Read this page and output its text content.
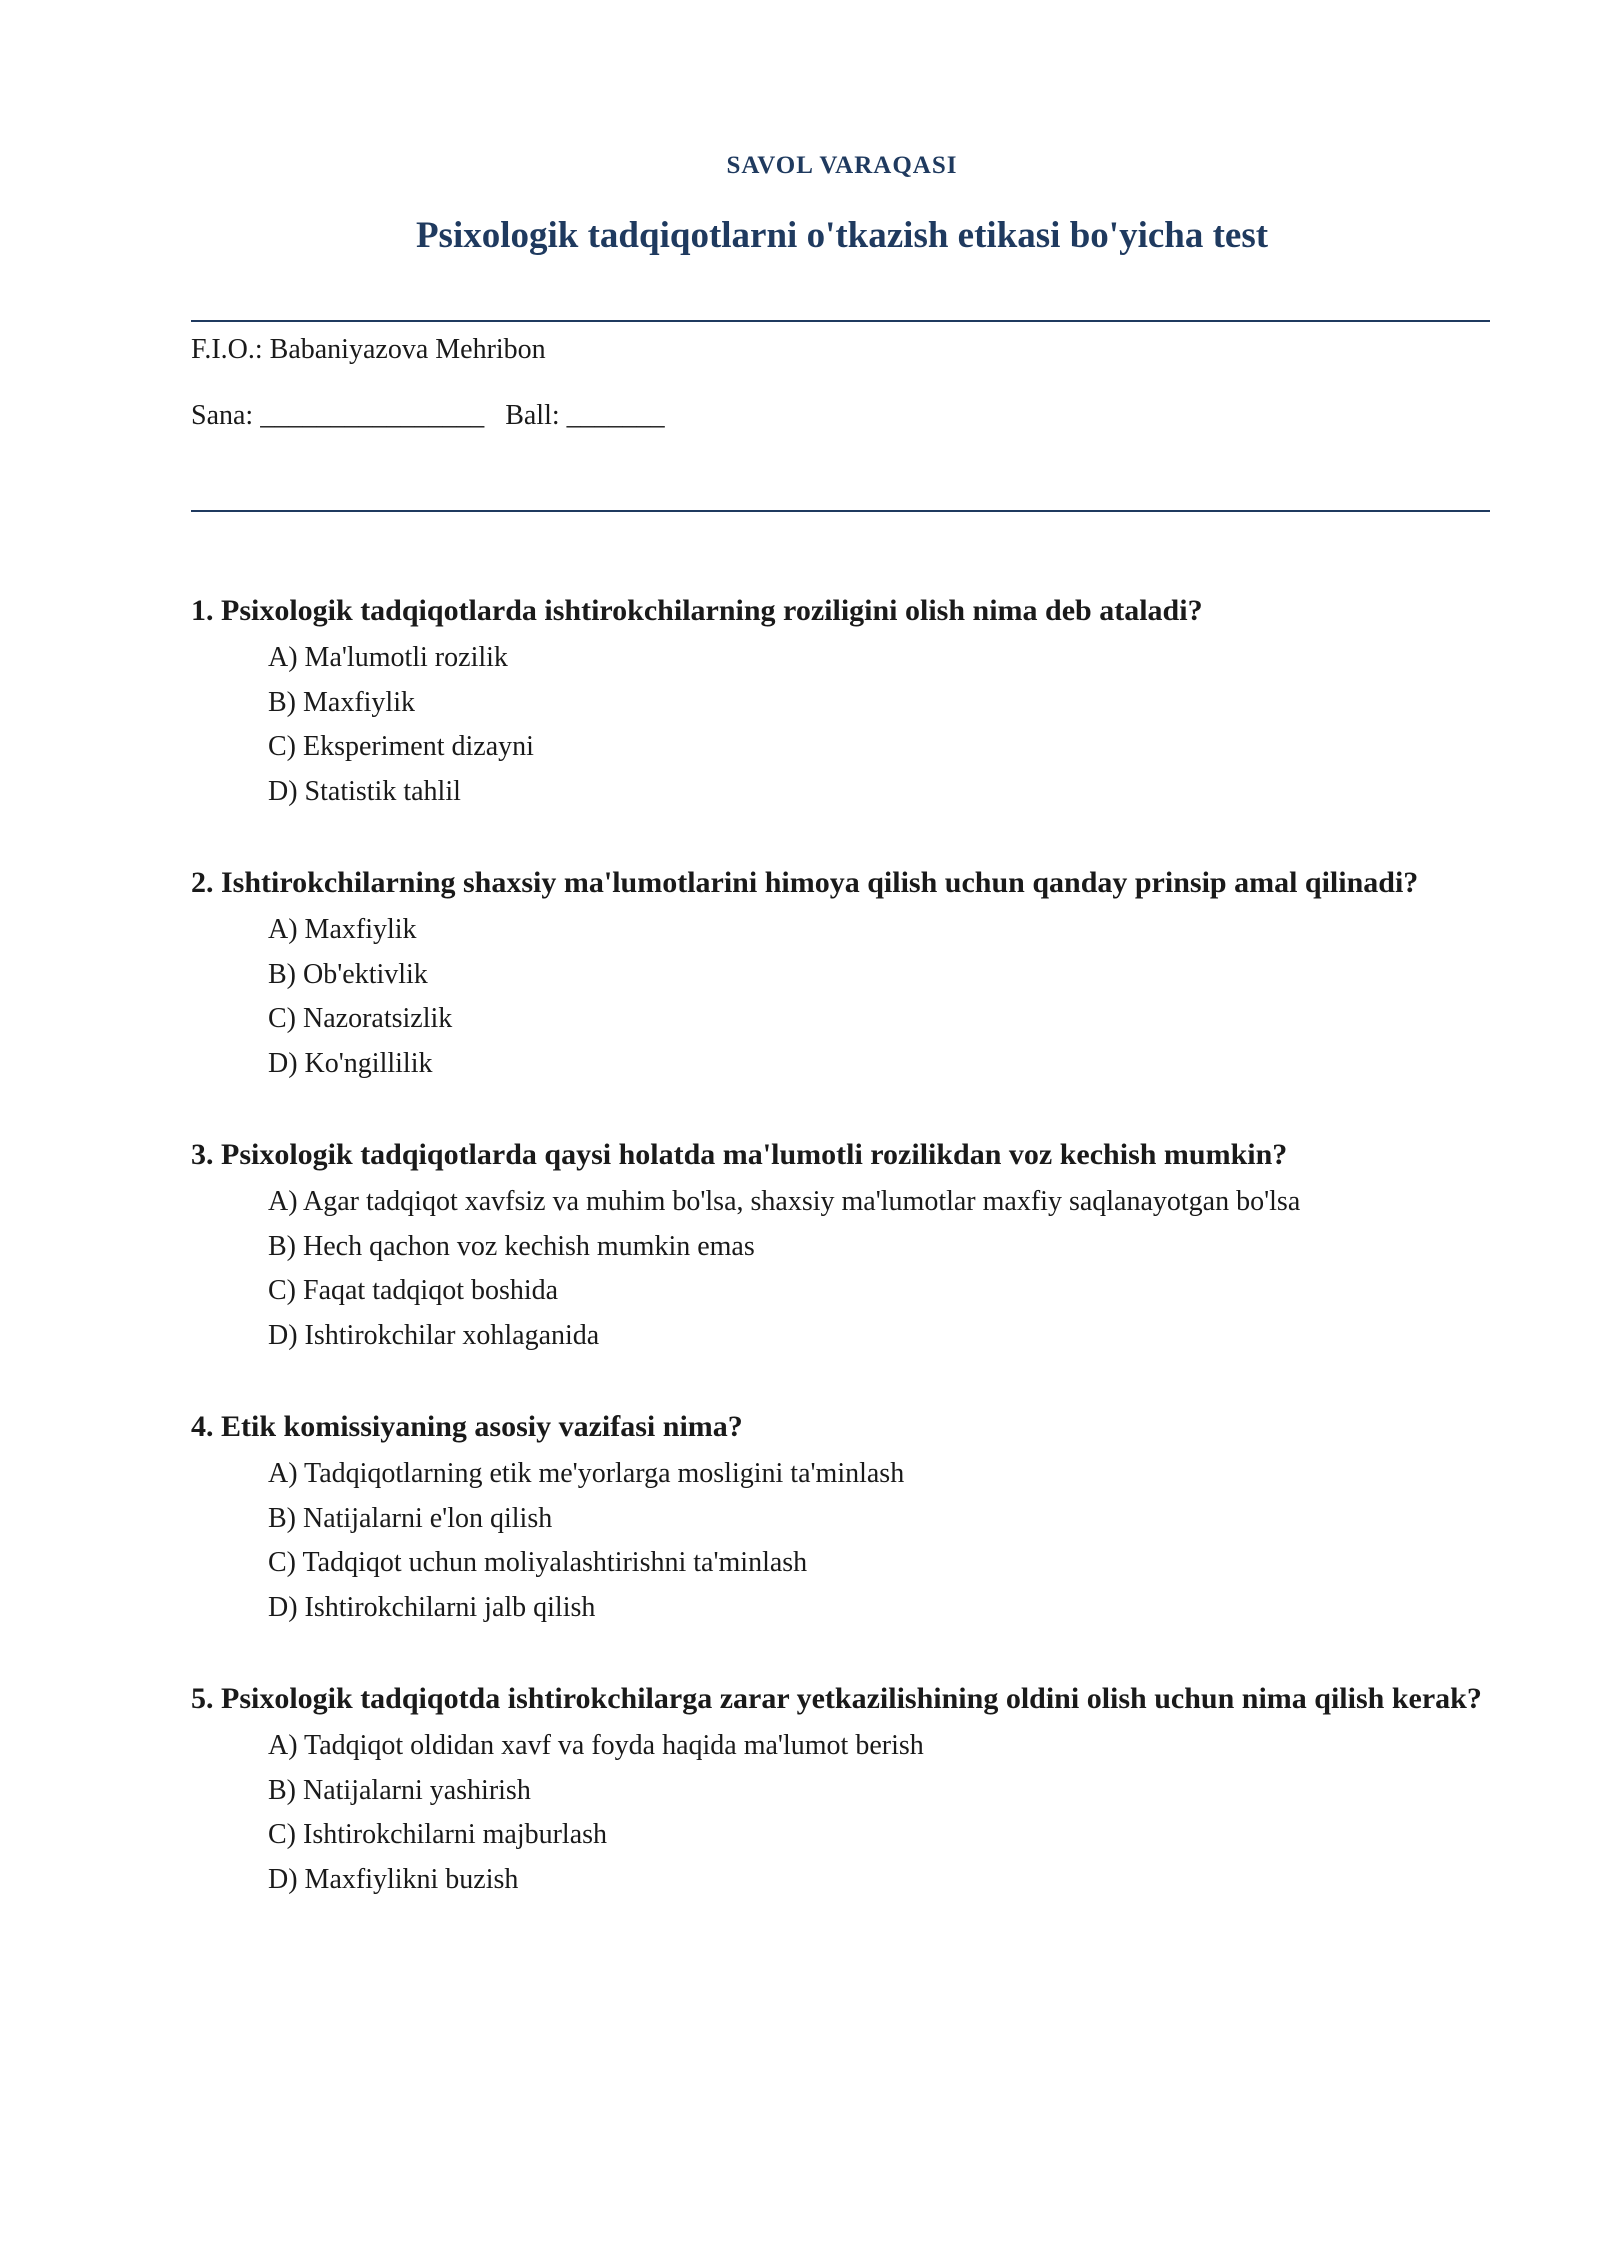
SAVOL VARAQASI
Psixologik tadqiqotlarni o'tkazish etikasi bo'yicha test
F.I.O.: Babaniyazova Mehribon
Sana: ________________   Ball: _______

1. Psixologik tadqiqotlarda ishtirokchilarning roziligini olish nima deb ataladi?

A) Ma'lumotli rozilik
B) Maxfiylik
C) Eksperiment dizayni
D) Statistik tahlil

2. Ishtirokchilarning shaxsiy ma'lumotlarini himoya qilish uchun qanday prinsip amal qilinadi?

A) Maxfiylik
B) Ob'ektivlik
C) Nazoratsizlik
D) Ko'ngillilik

3. Psixologik tadqiqotlarda qaysi holatda ma'lumotli rozilikdan voz kechish mumkin?

A) Agar tadqiqot xavfsiz va muhim bo'lsa, shaxsiy ma'lumotlar maxfiy saqlanayotgan bo'lsa
B) Hech qachon voz kechish mumkin emas
C) Faqat tadqiqot boshida
D) Ishtirokchilar xohlaganida

4. Etik komissiyaning asosiy vazifasi nima?

A) Tadqiqotlarning etik me'yorlarga mosligini ta'minlash
B) Natijalarni e'lon qilish
C) Tadqiqot uchun moliyalashtirishni ta'minlash
D) Ishtirokchilarni jalb qilish

5. Psixologik tadqiqotda ishtirokchilarga zarar yetkazilishining oldini olish uchun nima qilish kerak?

A) Tadqiqot oldidan xavf va foyda haqida ma'lumot berish
B) Natijalarni yashirish
C) Ishtirokchilarni majburlash
D) Maxfiylikni buzish
